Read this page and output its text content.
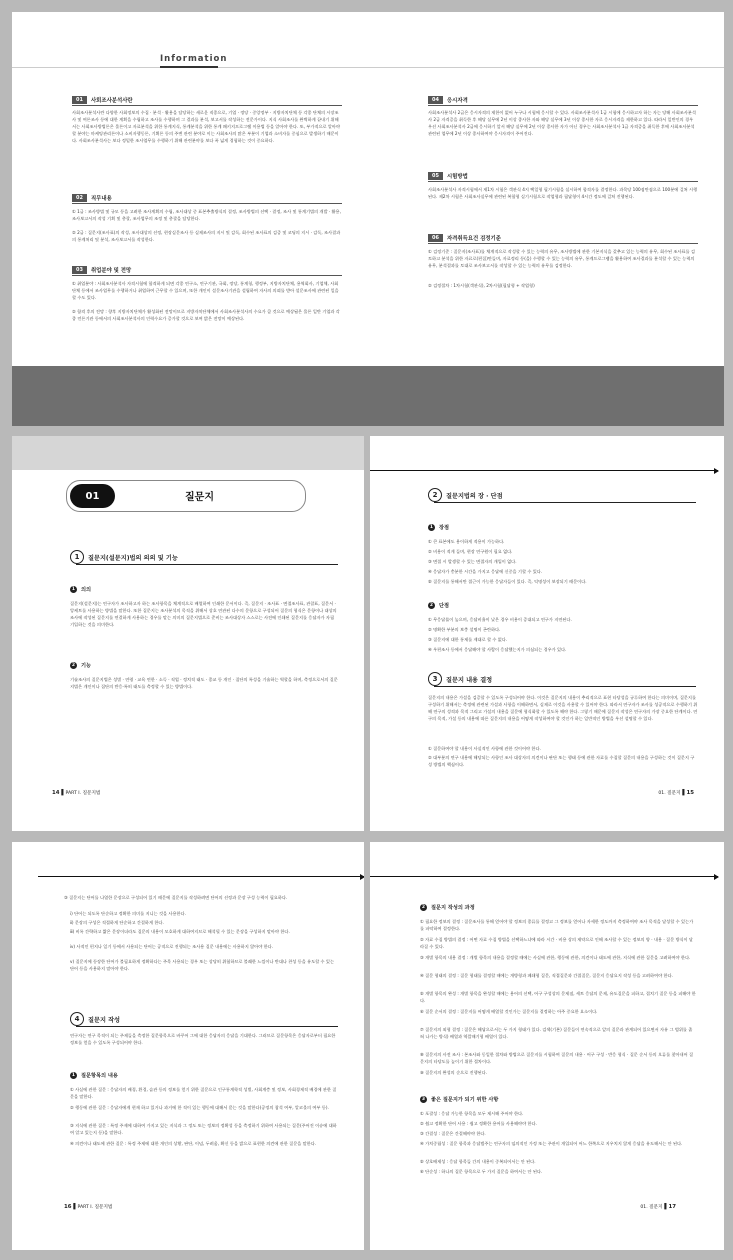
Information
01	사회조사분석사란

사회조사분석사란 다양한 사회정보의 수집 · 분석 · 활용을 담당하는 새로운 직종으로, 기업 · 정당 · 중앙정부 · 지방자치단체 등 각종 단체의 시장조사 및 여론조사 등에 대한 계획을 수립하고 조사를 수행하며 그 결과를 분석, 보고서를 작성하는 전문가이다. 지식 사회조사를 완벽하게 끝내기 위해서는 사회조사방법론은 물론이고 자료분석을 위한 통계지식, 통계분석을 위한 통계 패키지프로그램 이용법 등을 알아야 한다. 또, 부가적으로 알아야 할 분야는 마케팅관리론이나 소비자행동론, 기획론 등의 주변 관련 분야로 이는 사회조사의 많은 부분이 기업과 소비자를 중심으로 발생하기 때문이다. 사회조사분석사는 보다 정밀한 조사업무를 수행하기 위해 관련분야를 보다 폭 넓게 경험하는 것이 중요하다.

02	직무내용

① 1급 : 조사방법 및 규모 등을 고려한 조사계획의 수립, 조사대상 중 표본추출방식의 결정, 조사방법의 선택 · 결정, 조사 및 통계기법의 개발 · 활용, 조사보고서의 작성 기획 및 총괄, 조사업무의 조정 및 총괄을 담당한다.

② 2급 : 질문지(조사표)의 작성, 조사대상의 선정, 현장실문조사 등 실제조사의 지시 및 감독, 회수된 조사표의 검증 및 코딩의 지시 · 감독, 조사결과의 통계처리 및 분석, 조사보고서를 작성한다.

03	취업분야 및 전망

① 취업분야 : 사회조사분석사 자격시험에 합격하게 되면 각종 연구소, 연구기관, 국회, 정당, 통계청, 행정부, 지방자치단체, 용역회사, 기업체, 사회단체 등에서 조사업무를 수행하거나 취업하여 근무할 수 있으며, 또한 개인이 설문조사기관을 설립하여 자사의 의뢰를 받아 설문조사에 관련된 일을 할 수도 있다.

② 합격 후의 전망 : 향후 지방자치단체가 활성화된 전망이므로 지방자치단체에서 사회조사분석사의 수요가 클 것으로 예상됨은 물론 일반 기업과 각종 언론기관 등에서의 사회조사분석사의 인력수요가 증가할 것으로 보여 밝은 전망이 예상된다.

04	응시자격

사회조사분석사 2급은 응시자격의 제한이 없어 누구나 시험에 응시할 수 있다. 사회조사분석사 1급 시험에 응시하고자 하는 자는 당해 사회조사분석사 2급 자격증을 취득한 후 해당 실무에 2년 이상 종사한 자와 해당 실무에 3년 이상 종사한 자로 응시자격을 제한하고 있다. 따라서 일반인의 경우 우선 사회조사분석사 2급에 응시하기 앞서 해당 실무에 2년 이상 종사한 자가 아닌 경우는 사회조사분석사 1급 자격증을 취득한 후에 사회조사분석 관련된 업무에 2년 이상 종사하여야 응시자격이 주어진다.

05	시험방법

사회조사분석사 자격시험에서 제1차 시험은 객관식 4지 택일형 필기시험을 실시하여 합격자를 결정한다. 과목당 100점만점으로 100분에 걸쳐 시행된다. 제2차 시험은 사회조사실무에 관련된 복합형 실기시험으로 작업형과 필답형이 4시간 정도에 걸쳐 진행된다.

06	자격취득요건 검정기준

① 검정기준 : 질문지(조사표)를 체계적으로 작성할 수 있는 능력의 유무, 조사방법에 관한 기본지식을 갖추고 있는 능력의 유무, 회수된 조사표를 검토하고 분석을 위한 자료로(편집)만들며, 자료정리 등(을) 수행할 수 있는 능력의 유무, 통계프로그램을 활용하여 조사결과를 분석할 수 있는 능력의 유무, 분석결과를 토대로 조사보고서를 작성할 수 있는 능력의 유무를 검정한다.

② 검정절차 : 1차시험(객관식), 2차시험(필답형 + 작업형)

01	질문지
1	질문지(설문지)법의 의의 및 기능
1	의의

질문지(설문지)는 연구자가 조사하고자 하는 조사항목을 체계적으로 배열하여 인쇄한 문서이다. 즉, 질문지 · 조사표 · 면접조사표, 관찰표, 질문서 · 앙케트를 사용하는 방법을 말한다. 또한 질문지는 조사분석의 목적을 위해서 상호 연관된 다수의 문항으로 구성되어 질문의 형식은 문항이나 대상의 조사에 작성된 질문지를 연결하게 사용하는 경우를 말는 의미의 질문지법으로 준비는 조사대상자 스스로는 사전에 인쇄된 질문지를 응답자가 자필 기입하는 것을 의미한다.

2	기능

기술조사의 질문지법은 성별 · 연령 · 교육 연한 · 소득 · 직업 · 정치적 태도 · 종교 등 개인 · 집단의 특성을 기술하는 역할을 하며, 측정으로서의 질문지법은 개인이나 집단의 반응·특히 태도를 측정할 수 있는 방법이다.

14 ▌PART Ⅰ. 질문지법
2	질문지법의 장 · 단점
1	장점

① 큰 표본에도 용이하게 적용이 가능하다.

② 비용이 적게 들며, 현장 연구원이 필요 없다.

③ 면접 시 발생할 수 있는 면접자의 개입이 없다.

④ 응답자가 충분한 시간을 가지고 응답에 신중을 기할 수 있다.

⑤ 질문지를 통해서만 접근이 가능한 응답자들이 있다. 즉, 익명성이 보장되기 때문이다.

2	단점

① 무응답률이 높으며, 응답비율이 낮은 경우 비용이 증대되고 연구가 지연된다.

② 명확한 부분의 보충 설명이 곤란하다.

③ 질문지에 대한 통제를 제대로 할 수 없다.

④ 우편조사 등에서 응답해야 할 사람이 응답했는지가 의심되는 경우가 있다.

3	질문지 내용 결정

질문지의 내용은 가설을 검증할 수 있도록 구성되어야 한다. 이것은 질문지의 내용이 추리적으로 표현 타당성을 규루하여 한다는 의미이며, 질문지를 구성하기 위해서는 측정에 관련된 가설과 사항을 이해하면서, 실제로 이것을 사용할 수 있어야 한다. 따라서 연구자가 조사를 성공적으로 수행하기 위해 연구의 성격과 목적 그리고 가설의 내용을 질문에 형식화할 수 있도록 해야 한다. 그렇기 때문에 질문지 작성은 연구자의 가장 중요한 단계이다. 연구의 목적, 가설 등의 내용에 따른 질문지의 내용을 어떻게 작성하여야 할 것인가 하는 일반적인 방법을 우선 설명할 수 있다.

① 질문하여야 할 내용이 사실적인 사항에 관한 것이어야 한다.

② 대부분의 연구 내용에 해당되는 사항인 조사 대상자의 의견이나 판단 또는 행태 등에 관한 자료를 수집할 질문의 내용을 구성하는 것이 질문지 구성 방법의 핵심이다.

01. 질문지 ▌15

③ 질문지는 단어를 나열한 문장으로 구성되어 있기 때문에 질문지를 작성하려면 단어의 선정과 문장 구성 능력이 필요하다.

ⅰ) 단어는 되도록 단순하고 정확한 의미를 지니는 것을 사용한다.

ⅱ) 문장의 구성은 적절하게 단순하고 간결하게 한다.

ⅲ) 비록 간략하고 짧은 문장이더라도 질문의 내용이 모호하게 대하여지므로 해석될 수 있는 문장을 구성하지 말아야 한다.

ⅳ) 사적인 편지나 일기 등에서 사용되는 단어는 공적으로 진행되는 조사용 질문 내용에는 사용하지 않아야 한다.

ⅴ) 질문지에 등장한 단어가 불필요하게 정확하다는 주목 사용되는 경우 또는 상당히 위험하므로 불쾌한 느낌이나 반대나 찬성 등을 유도할 수 있는 단어 등을 사용하지 말아야 한다.

4	질문지 작성

연구자는 연구 목적이 되는 주제들을 측정한 질문항목으로 바꾸어 그에 대한 응답자의 응답을 기대한다. 그러므로 질문항목은 응답자로부터 필요한 정보를 얻을 수 있도록 구성되어야 한다.

1	질문항목의 내용

① 사실에 관한 질문 : 응답자의 배경, 환경, 습관 등의 정보를 얻기 위한 질문으로 인구통계학적 성별, 사회계층 및 정보, 사회경제적 배경에 관한 질문을 말한다.

② 행동에 관한 질문 : 응답자에게 현재 하고 있거나 과거에 한 적이 있는 행동에 대해서 묻는 것을 말한다(공정의 참석 여부, 알코올의 여부 등).

③ 지식에 관한 질문 : 특정 주제에 대하여 가지고 있는 지식과 그 정도 또는 정보의 정확성 등을 측정하기 위하여 사용되는 질문(주어진 이슈에 대하여 알고 있는지 등)을 말한다.

④ 의견이나 태도에 관한 질문 : 특정 주제에 대한 개인의 상황, 판단, 이념, 두려움, 확신 등을 밝으로 표현한 의견에 관한 질문을 말한다.

16 ▌PART Ⅰ. 질문지법
2	질문지 작성의 과정

① 필요한 정보의 결정 : 질문조사를 통해 얻어야 할 정보의 종류를 결정고 그 정보를 얻어나 자세한 정도까지 측정하여야 조사 목적을 달성할 수 있는가를 파악하여 결정한다.

② 자료 수집 방법의 결정 : 어떤 자료 수집 방법을 선택하느냐에 따라 시간 · 비용 상의 제약으로 인해 조사할 수 있는 정보의 양 · 내용 · 질문 방식이 달라질 수 있다.

③ 개별 항목의 내용 결정 : 개별 항목의 내용을 결정할 때에는 사실에 관한, 행동에 관한, 의견이나 태도에 관한, 지식에 관한 질문을 고려하여야 한다.

④ 질문 형태의 결정 : 질문 형태를 결정할 때에는 개방형과 폐쇄형 질문, 직접질문과 간접질문, 질문지 응답요지 작성 등을 고려하여야 한다.

⑤ 개별 항목의 완성 : 개별 항목을 완성할 때에는 용어의 선택, 어구 구성상의 문제점, 세트 응답의 문제, 유도질문을 피하고, 겹치기 질문 등을 피해야 한다.

⑥ 질문 순서의 결정 : 질문지를 어떻게 배열할 것인가는 질문지를 결정하는 아주 중요한 요소이다.

⑦ 질문지의 외형 결정 : 질문은 해답으로서는 두 가지 형태가 있다. 검색(기본) 질문들이 연속적으로 앞의 질문과 관계되어 있으면서 자유 그 범위를 좁혀 나가는 방식) 배열과 역깔때기형 배열이 있다.

⑧ 질문지의 사전 조사 : 본조사와 동일한 절차와 방법으로 질문지를 시험하여 질문의 내용 · 어구 구성 · 반응 형식 · 질문 순서 등의 오류를 찾아내어 질문지의 타당도를 높이기 위한 절차이다.

⑨ 질문지의 완성의 순으로 진행된다.

3	좋은 질문지가 되기 위한 사항

① 포괄성 : 응답 가능한 항목을 모두 제시해 주어야 한다.

② 쉽고 정확한 단어 사용 : 쉽고 정확한 용어를 사용해야야 한다.

③ 간결성 : 질문은 간결해야야 한다.

④ 가치중립성 : 질문 항목과 응답범주는 연구자의 임의적인 가정 또는 주관이 개입되어 어느 한쪽으로 지우치지 않게 응답을 유도해서는 안 된다.

⑤ 상호배제성 : 응답 항목들 간의 내용이 중복되어서는 안 된다.

⑥ 단순성 : 하나의 질문 항목으로 두 가지 질문을 하여서는 안 된다.

01. 질문지 ▌17
